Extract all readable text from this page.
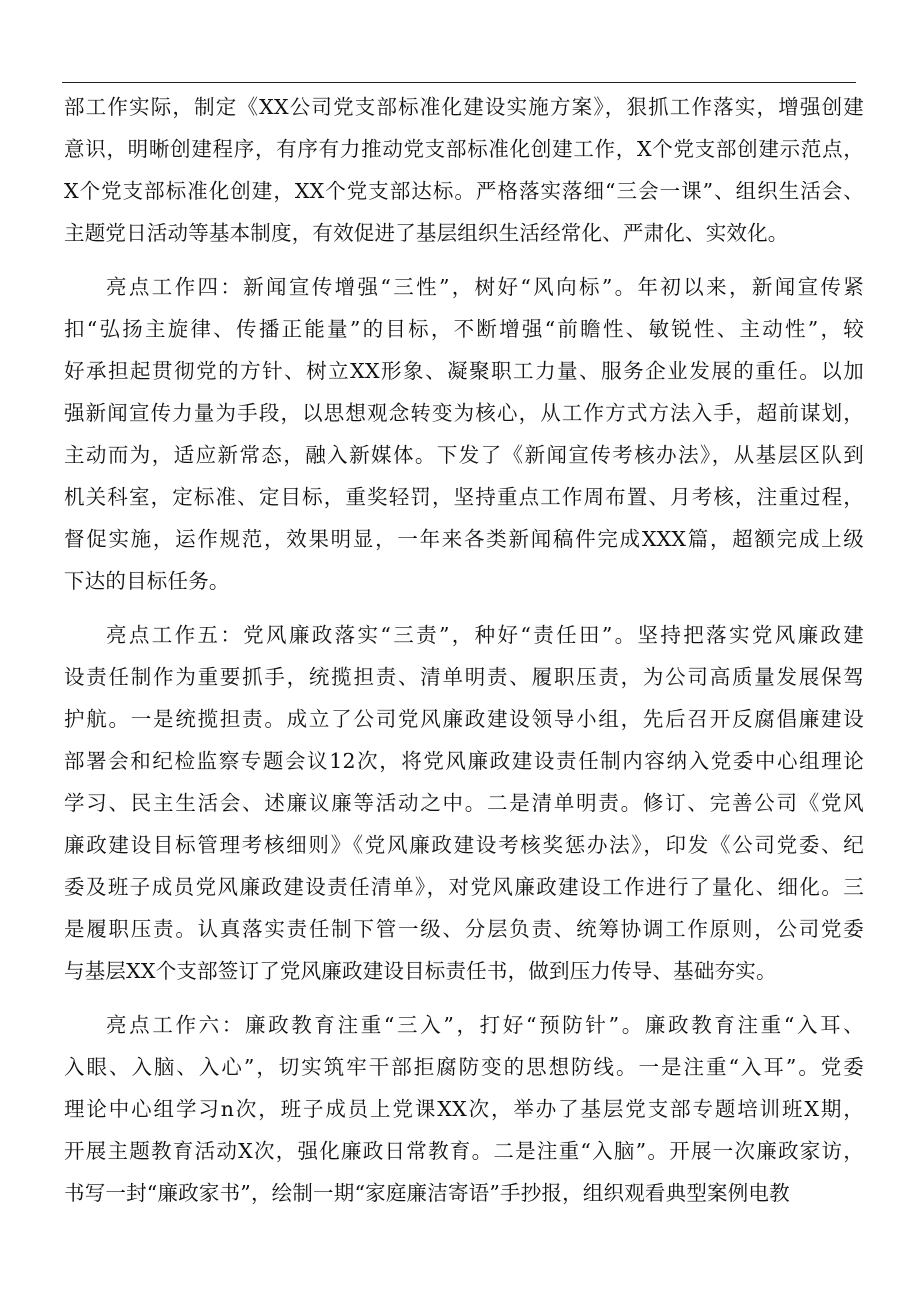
部工作实际，制定《XX公司党支部标准化建设实施方案》，狠抓工作落实，增强创建
意识，明晰创建程序，有序有力推动党支部标准化创建工作，X个党支部创建示范点，
X个党支部标准化创建，XX个党支部达标。严格落实落细“三会一课”、组织生活会、
主题党日活动等基本制度，有效促进了基层组织生活经常化、严肃化、实效化。
亮点工作四：新闻宣传增强“三性”，树好“风向标”。年初以来，新闻宣传紧
扣“弘扬主旋律、传播正能量”的目标，不断增强“前瞻性、敏锐性、主动性”，较
好承担起贯彻党的方针、树立XX形象、凝聚职工力量、服务企业发展的重任。以加
强新闻宣传力量为手段，以思想观念转变为核心，从工作方式方法入手，超前谋划，
主动而为，适应新常态，融入新媒体。下发了《新闻宣传考核办法》，从基层区队到
机关科室，定标准、定目标，重奖轻罚，坚持重点工作周布置、月考核，注重过程，
督促实施，运作规范，效果明显，一年来各类新闻稿件完成XXX篇，超额完成上级
下达的目标任务。
亮点工作五：党风廉政落实“三责”，种好“责任田”。坚持把落实党风廉政建
设责任制作为重要抓手，统揽担责、清单明责、履职压责，为公司高质量发展保驾
护航。一是统揽担责。成立了公司党风廉政建设领导小组，先后召开反腐倡廉建设
部署会和纪检监察专题会议12次，将党风廉政建设责任制内容纳入党委中心组理论
学习、民主生活会、述廉议廉等活动之中。二是清单明责。修订、完善公司《党风
廉政建设目标管理考核细则》《党风廉政建设考核奖惩办法》，印发《公司党委、纪
委及班子成员党风廉政建设责任清单》，对党风廉政建设工作进行了量化、细化。三
是履职压责。认真落实责任制下管一级、分层负责、统筹协调工作原则，公司党委
与基层XX个支部签订了党风廉政建设目标责任书，做到压力传导、基础夯实。
亮点工作六：廉政教育注重“三入”，打好“预防针”。廉政教育注重“入耳、
入眼、入脑、入心”，切实筑牢干部拒腐防变的思想防线。一是注重“入耳”。党委
理论中心组学习n次，班子成员上党课XX次，举办了基层党支部专题培训班X期，
开展主题教育活动X次，强化廉政日常教育。二是注重“入脑”。开展一次廉政家访，
书写一封“廉政家书”，绘制一期“家庭廉洁寄语”手抄报，组织观看典型案例电教
